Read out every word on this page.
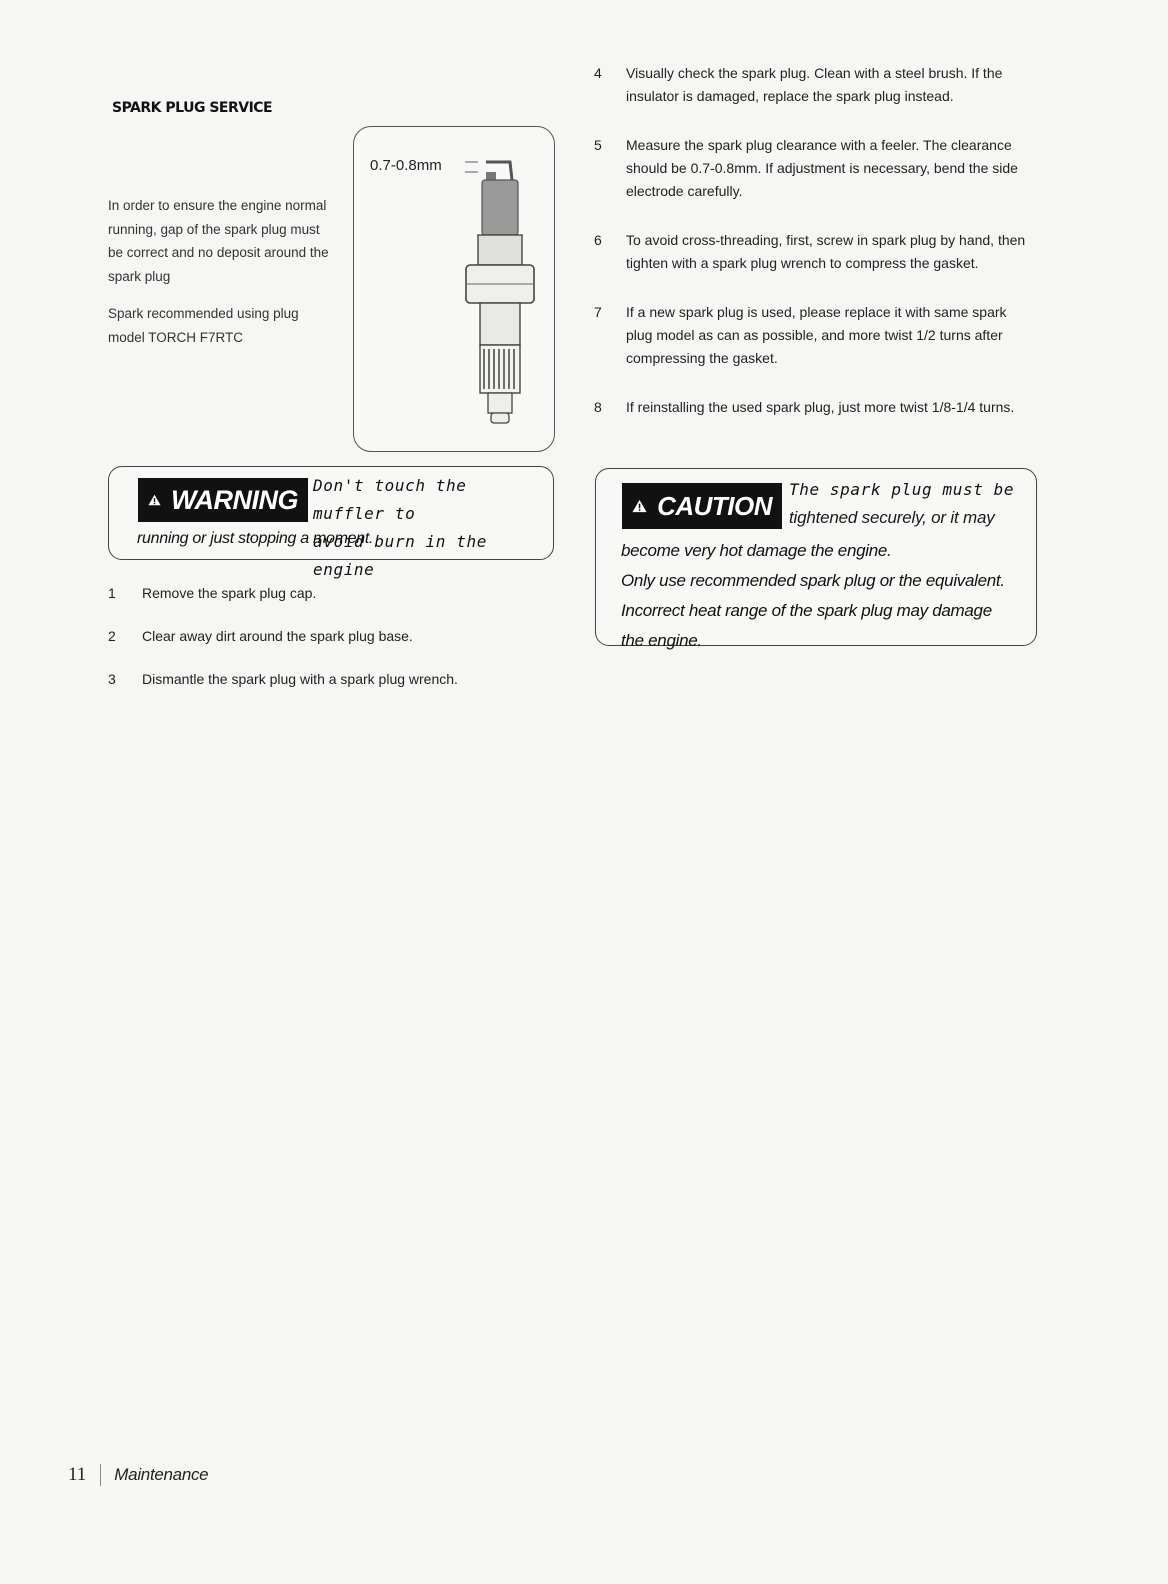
SPARK PLUG SERVICE

In order to ensure the engine normal running, gap of the spark plug must be correct and no deposit around the spark plug

Spark recommended using plug model TORCH F7RTC

0.7-0.8mm
WARNING Don't touch the muffler to
avoid burn in the engine
running or just stopping a moment.
CAUTION
The spark plug must be
tightened securely, or it may
become very hot damage the engine.
Only use recommended spark plug or the equivalent.
Incorrect heat range of the spark plug may damage
the engine.
1	Remove the spark plug cap.
2	Clear away dirt around the spark plug base.
3	Dismantle the spark plug with a spark plug wrench.
4	Visually check the spark plug. Clean with a steel brush. If the insulator is damaged, replace the spark plug instead.
5	Measure the spark plug clearance with a feeler. The clearance should be 0.7-0.8mm. If adjustment is necessary, bend the side electrode carefully.
6	To avoid cross-threading, first, screw in spark plug by hand, then tighten with a spark plug wrench to compress the gasket.
7	If a new spark plug is used, please replace it with same spark plug model as can as possible, and more twist 1/2 turns after compressing the gasket.
8	If reinstalling the used spark plug, just more twist 1/8-1/4 turns.
11 Maintenance
